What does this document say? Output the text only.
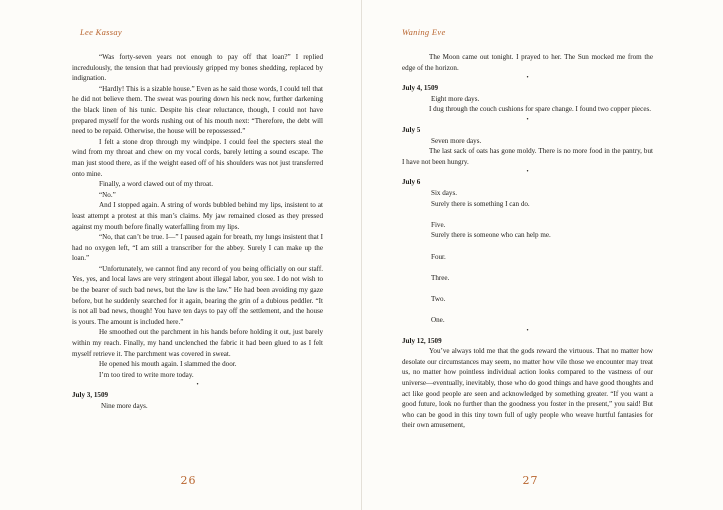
Lee Kassay

“Was forty-seven years not enough to pay off that loan?” I replied incredulously, the tension that had previously gripped my bones shedding, replaced by indignation.

“Hardly! This is a sizable house.” Even as he said those words, I could tell that he did not believe them. The sweat was pouring down his neck now, further darkening the black linen of his tunic. Despite his clear reluctance, though, I could not have prepared myself for the words rushing out of his mouth next: “Therefore, the debt will need to be repaid. Otherwise, the house will be repossessed.”

I felt a stone drop through my windpipe. I could feel the specters steal the wind from my throat and chew on my vocal cords, barely letting a sound escape. The man just stood there, as if the weight eased off of his shoulders was not just transferred onto mine.

Finally, a word clawed out of my throat.

“No.”

And I stopped again. A string of words bubbled behind my lips, insistent to at least attempt a protest at this man’s claims. My jaw remained closed as they pressed against my mouth before finally waterfalling from my lips.

“No, that can’t be true. I—” I paused again for breath, my lungs insistent that I had no oxygen left, “I am still a transcriber for the abbey. Surely I can make up the loan.”

“Unfortunately, we cannot find any record of you being officially on our staff. Yes, yes, and local laws are very stringent about illegal labor, you see. I do not wish to be the bearer of such bad news, but the law is the law.” He had been avoiding my gaze before, but he suddenly searched for it again, bearing the grin of a dubious peddler. “It is not all bad news, though! You have ten days to pay off the settlement, and the house is yours. The amount is included here.”

He smoothed out the parchment in his hands before holding it out, just barely within my reach. Finally, my hand unclenched the fabric it had been glued to as I felt myself retrieve it. The parchment was covered in sweat.

He opened his mouth again. I slammed the door.

I’m too tired to write more today.

•
July 3, 1509
Nine more days.
26
Waning Eve

The Moon came out tonight. I prayed to her. The Sun mocked me from the edge of the horizon.

•
July 4, 1509
Eight more days.

I dug through the couch cushions for spare change. I found two copper pieces.

•
July 5
Seven more days.

The last sack of oats has gone moldy. There is no more food in the pantry, but I have not been hungry.

•
July 6
Six days.
Surely there is something I can do.
Five.
Surely there is someone who can help me.
Four.
Three.
Two.
One.
•
July 12, 1509

You’ve always told me that the gods reward the virtuous. That no matter how desolate our circumstances may seem, no matter how vile those we encounter may treat us, no matter how pointless individual action looks compared to the vastness of our universe—eventually, inevitably, those who do good things and have good thoughts and act like good people are seen and acknowledged by something greater. “If you want a good future, look no further than the goodness you foster in the present,” you said! But who can be good in this tiny town full of ugly people who weave hurtful fantasies for their own amusement,

27
